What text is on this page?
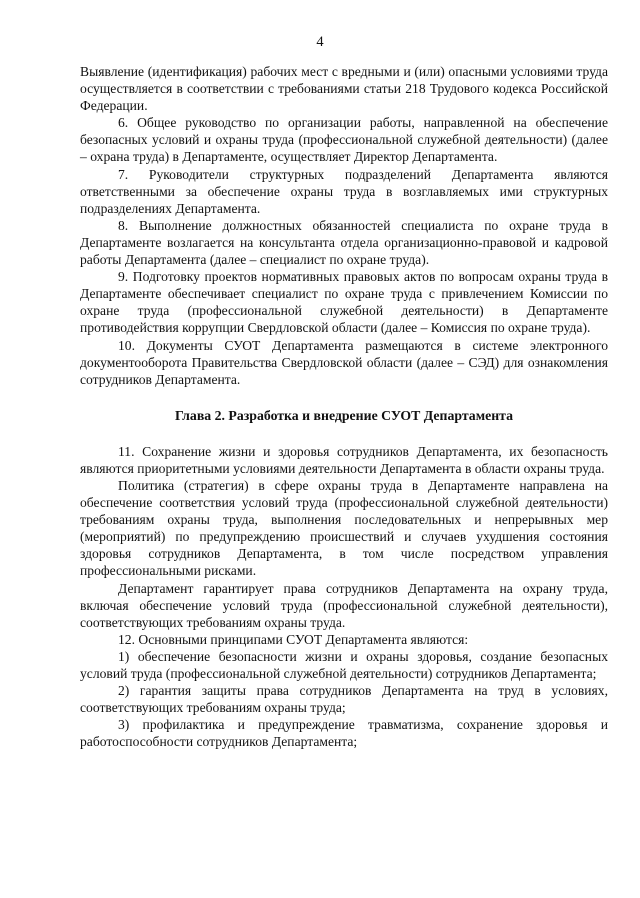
4

Выявление (идентификация) рабочих мест с вредными и (или) опасными условиями труда осуществляется в соответствии с требованиями статьи 218 Трудового кодекса Российской Федерации.

6. Общее руководство по организации работы, направленной на обеспечение безопасных условий и охраны труда (профессиональной служебной деятельности) (далее – охрана труда) в Департаменте, осуществляет Директор Департамента.

7. Руководители структурных подразделений Департамента являются ответственными за обеспечение охраны труда в возглавляемых ими структурных подразделениях Департамента.

8. Выполнение должностных обязанностей специалиста по охране труда в Департаменте возлагается на консультанта отдела организационно-правовой и кадровой работы Департамента (далее – специалист по охране труда).

9. Подготовку проектов нормативных правовых актов по вопросам охраны труда в Департаменте обеспечивает специалист по охране труда с привлечением Комиссии по охране труда (профессиональной служебной деятельности) в Департаменте противодействия коррупции Свердловской области (далее – Комиссия по охране труда).

10. Документы СУОТ Департамента размещаются в системе электронного документооборота Правительства Свердловской области (далее – СЭД) для ознакомления сотрудников Департамента.

Глава 2. Разработка и внедрение СУОТ Департамента

11. Сохранение жизни и здоровья сотрудников Департамента, их безопасность являются приоритетными условиями деятельности Департамента в области охраны труда.

Политика (стратегия) в сфере охраны труда в Департаменте направлена на обеспечение соответствия условий труда (профессиональной служебной деятельности) требованиям охраны труда, выполнения последовательных и непрерывных мер (мероприятий) по предупреждению происшествий и случаев ухудшения состояния здоровья сотрудников Департамента, в том числе посредством управления профессиональными рисками.

Департамент гарантирует права сотрудников Департамента на охрану труда, включая обеспечение условий труда (профессиональной служебной деятельности), соответствующих требованиям охраны труда.

12. Основными принципами СУОТ Департамента являются:

1) обеспечение безопасности жизни и охраны здоровья, создание безопасных условий труда (профессиональной служебной деятельности) сотрудников Департамента;

2) гарантия защиты права сотрудников Департамента на труд в условиях, соответствующих требованиям охраны труда;

3) профилактика и предупреждение травматизма, сохранение здоровья и работоспособности сотрудников Департамента;
